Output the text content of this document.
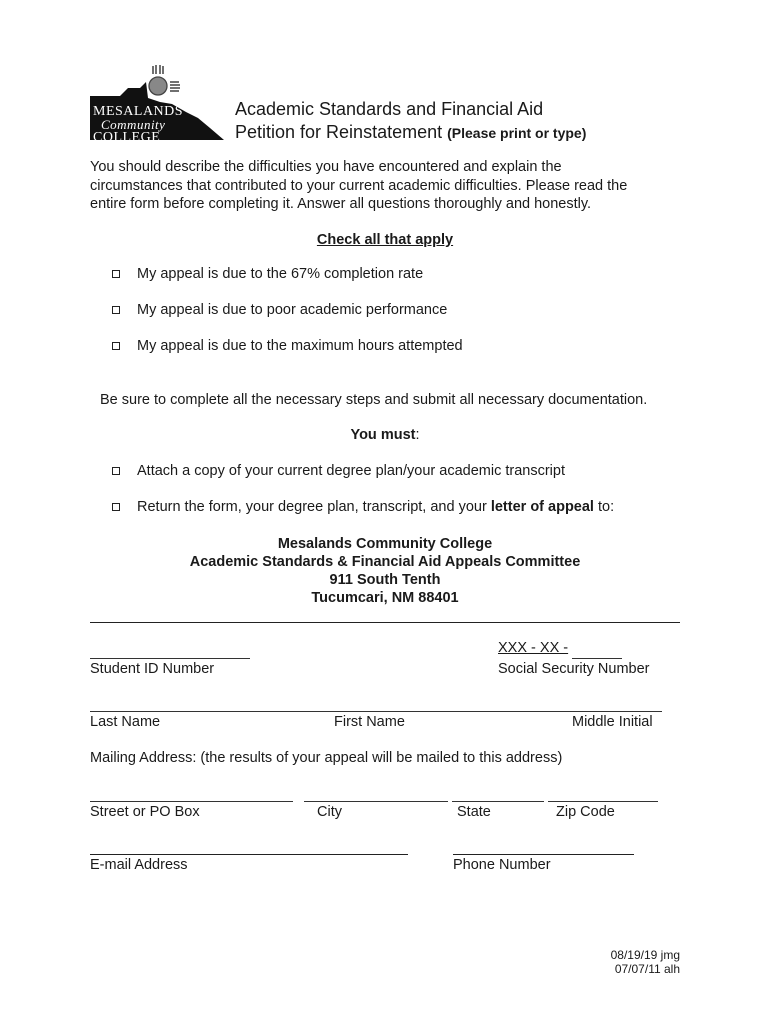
MESALANDS
Community
COLLEGE
Academic Standards and Financial Aid
Petition for Reinstatement (Please print or type)
You should describe the difficulties you have encountered and explain the
circumstances that contributed to your current academic difficulties. Please read the
entire form before completing it. Answer all questions thoroughly and honestly.
Check all that apply
My appeal is due to the 67% completion rate
My appeal is due to poor academic performance
My appeal is due to the maximum hours attempted
Be sure to complete all the necessary steps and submit all necessary documentation.
You must:
Attach a copy of your current degree plan/your academic transcript
Return the form, your degree plan, transcript, and your letter of appeal to:
Mesalands Community College
Academic Standards & Financial Aid Appeals Committee
911 South Tenth
Tucumcari, NM 88401
Student ID Number
XXX - XX -
Social Security Number
Last Name	First Name	Middle Initial
Mailing Address: (the results of your appeal will be mailed to this address)
Street or PO Box	City	State	Zip Code
E-mail Address	Phone Number
08/19/19 jmg
07/07/11 alh
